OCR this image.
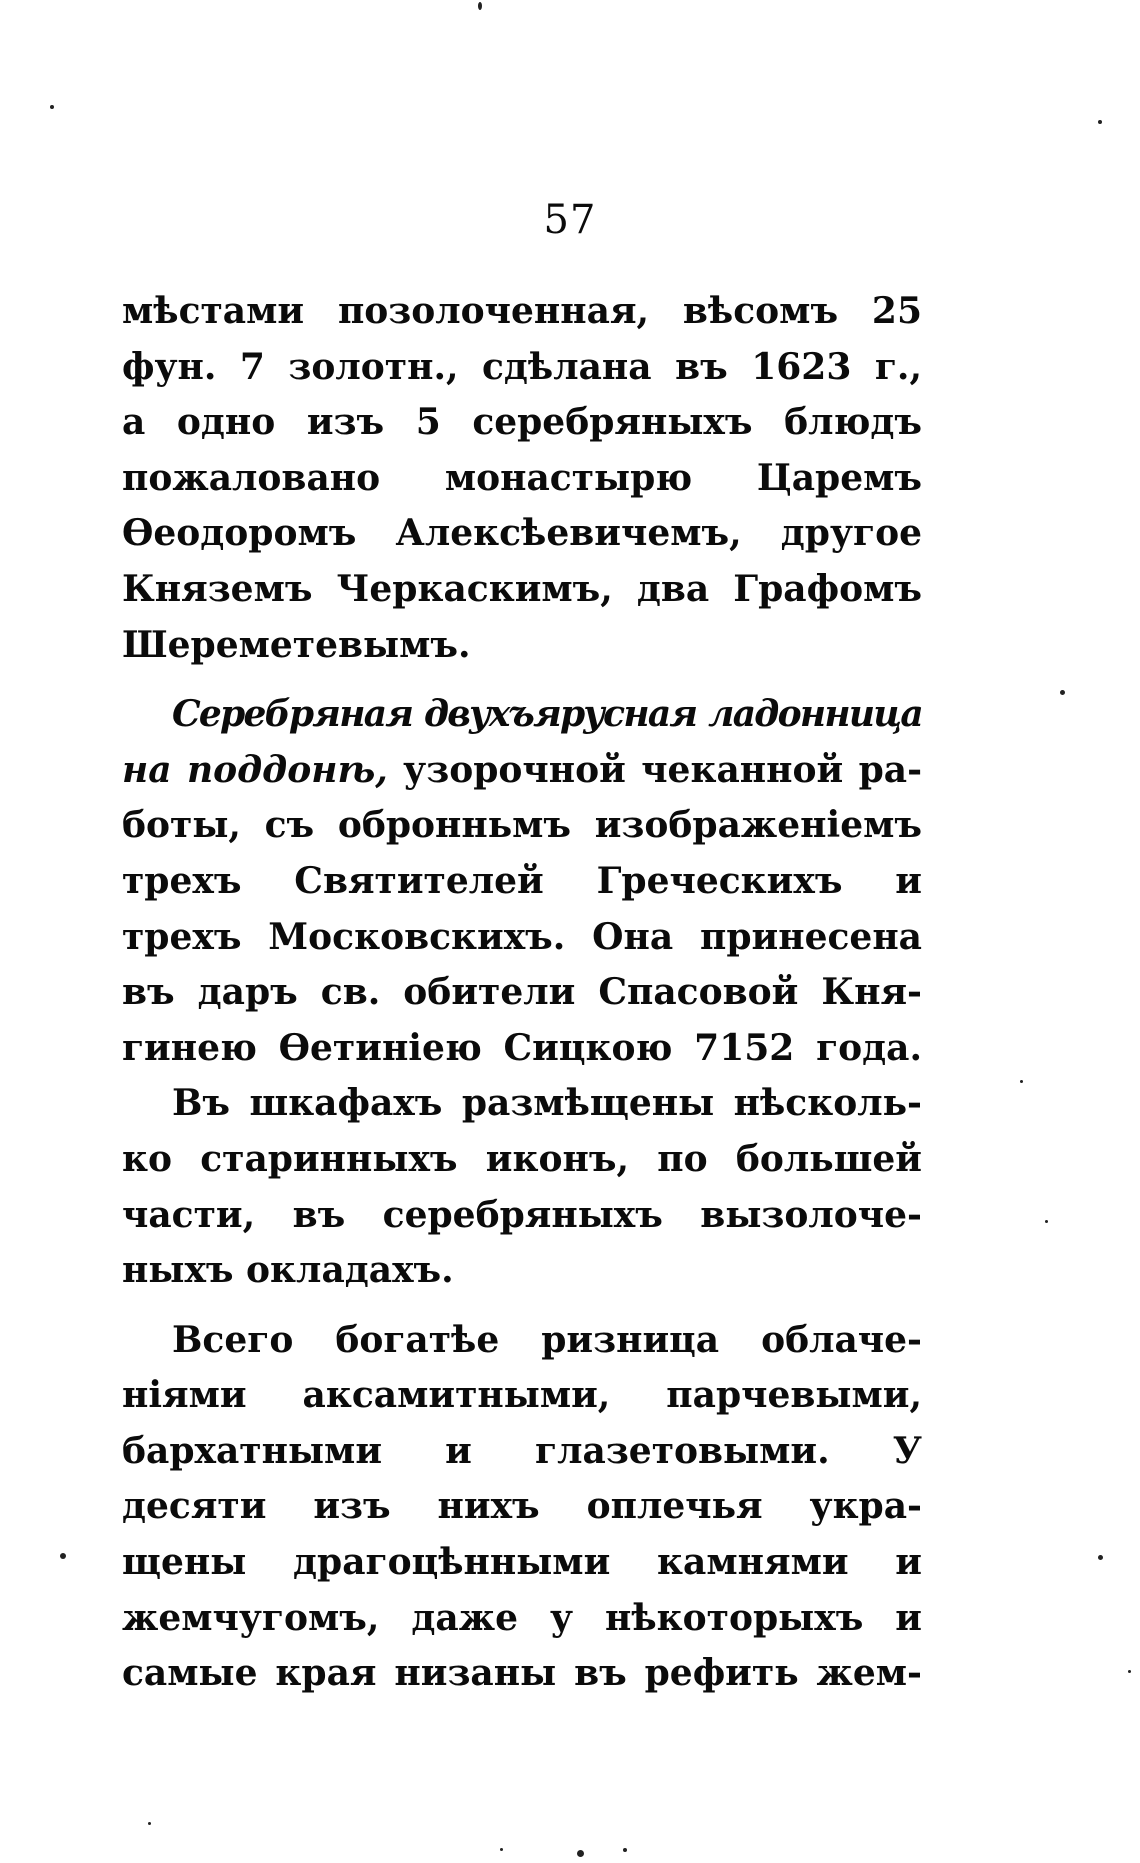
57
мѣстами позолоченная, вѣсомъ 25
фун. 7 золотн., сдѣлана въ 1623 г.,
а одно изъ 5 серебряныхъ блюдъ
пожаловано монастырю Царемъ
Ѳеодоромъ Алексѣевичемъ, другое
Княземъ Черкаскимъ, два Графомъ
Шереметевымъ.
Серебряная двухъярусная ладонница
на поддонѣ, узорочной чеканной ра-
боты, съ обронньмъ изображенiемъ
трехъ Святителей Греческихъ и
трехъ Московскихъ. Она принесена
въ даръ св. обители Спасовой Кня-
гинею Ѳетиніею Сицкою 7152 года.
Въ шкафахъ размѣщены нѣсколь-
ко старинныхъ иконъ, по большей
части, въ серебряныхъ вызолоче-
ныхъ окладахъ.
Всего богатѣе ризница облаче-
ніями аксамитными, парчевыми,
бархатными и глазетовыми. У
десяти изъ нихъ оплечья укра-
щены драгоцѣнными камнями и
жемчугомъ, даже у нѣкоторыхъ и
самые края низаны въ рефить жем-
